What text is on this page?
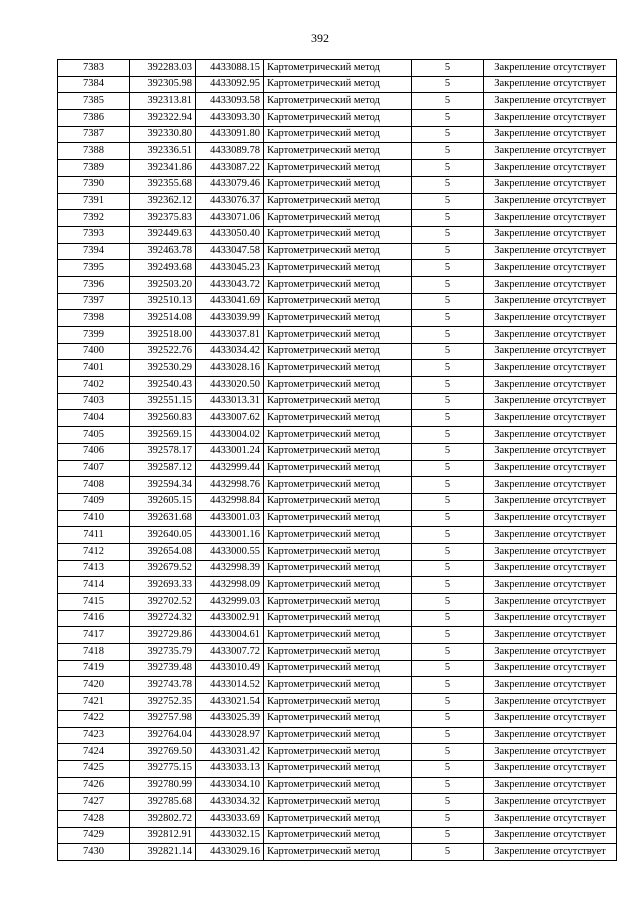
392
7383	392283.03	4433088.15	Картометрический метод	5	Закрепление отсутствует
7384	392305.98	4433092.95	Картометрический метод	5	Закрепление отсутствует
7385	392313.81	4433093.58	Картометрический метод	5	Закрепление отсутствует
7386	392322.94	4433093.30	Картометрический метод	5	Закрепление отсутствует
7387	392330.80	4433091.80	Картометрический метод	5	Закрепление отсутствует
7388	392336.51	4433089.78	Картометрический метод	5	Закрепление отсутствует
7389	392341.86	4433087.22	Картометрический метод	5	Закрепление отсутствует
7390	392355.68	4433079.46	Картометрический метод	5	Закрепление отсутствует
7391	392362.12	4433076.37	Картометрический метод	5	Закрепление отсутствует
7392	392375.83	4433071.06	Картометрический метод	5	Закрепление отсутствует
7393	392449.63	4433050.40	Картометрический метод	5	Закрепление отсутствует
7394	392463.78	4433047.58	Картометрический метод	5	Закрепление отсутствует
7395	392493.68	4433045.23	Картометрический метод	5	Закрепление отсутствует
7396	392503.20	4433043.72	Картометрический метод	5	Закрепление отсутствует
7397	392510.13	4433041.69	Картометрический метод	5	Закрепление отсутствует
7398	392514.08	4433039.99	Картометрический метод	5	Закрепление отсутствует
7399	392518.00	4433037.81	Картометрический метод	5	Закрепление отсутствует
7400	392522.76	4433034.42	Картометрический метод	5	Закрепление отсутствует
7401	392530.29	4433028.16	Картометрический метод	5	Закрепление отсутствует
7402	392540.43	4433020.50	Картометрический метод	5	Закрепление отсутствует
7403	392551.15	4433013.31	Картометрический метод	5	Закрепление отсутствует
7404	392560.83	4433007.62	Картометрический метод	5	Закрепление отсутствует
7405	392569.15	4433004.02	Картометрический метод	5	Закрепление отсутствует
7406	392578.17	4433001.24	Картометрический метод	5	Закрепление отсутствует
7407	392587.12	4432999.44	Картометрический метод	5	Закрепление отсутствует
7408	392594.34	4432998.76	Картометрический метод	5	Закрепление отсутствует
7409	392605.15	4432998.84	Картометрический метод	5	Закрепление отсутствует
7410	392631.68	4433001.03	Картометрический метод	5	Закрепление отсутствует
7411	392640.05	4433001.16	Картометрический метод	5	Закрепление отсутствует
7412	392654.08	4433000.55	Картометрический метод	5	Закрепление отсутствует
7413	392679.52	4432998.39	Картометрический метод	5	Закрепление отсутствует
7414	392693.33	4432998.09	Картометрический метод	5	Закрепление отсутствует
7415	392702.52	4432999.03	Картометрический метод	5	Закрепление отсутствует
7416	392724.32	4433002.91	Картометрический метод	5	Закрепление отсутствует
7417	392729.86	4433004.61	Картометрический метод	5	Закрепление отсутствует
7418	392735.79	4433007.72	Картометрический метод	5	Закрепление отсутствует
7419	392739.48	4433010.49	Картометрический метод	5	Закрепление отсутствует
7420	392743.78	4433014.52	Картометрический метод	5	Закрепление отсутствует
7421	392752.35	4433021.54	Картометрический метод	5	Закрепление отсутствует
7422	392757.98	4433025.39	Картометрический метод	5	Закрепление отсутствует
7423	392764.04	4433028.97	Картометрический метод	5	Закрепление отсутствует
7424	392769.50	4433031.42	Картометрический метод	5	Закрепление отсутствует
7425	392775.15	4433033.13	Картометрический метод	5	Закрепление отсутствует
7426	392780.99	4433034.10	Картометрический метод	5	Закрепление отсутствует
7427	392785.68	4433034.32	Картометрический метод	5	Закрепление отсутствует
7428	392802.72	4433033.69	Картометрический метод	5	Закрепление отсутствует
7429	392812.91	4433032.15	Картометрический метод	5	Закрепление отсутствует
7430	392821.14	4433029.16	Картометрический метод	5	Закрепление отсутствует
